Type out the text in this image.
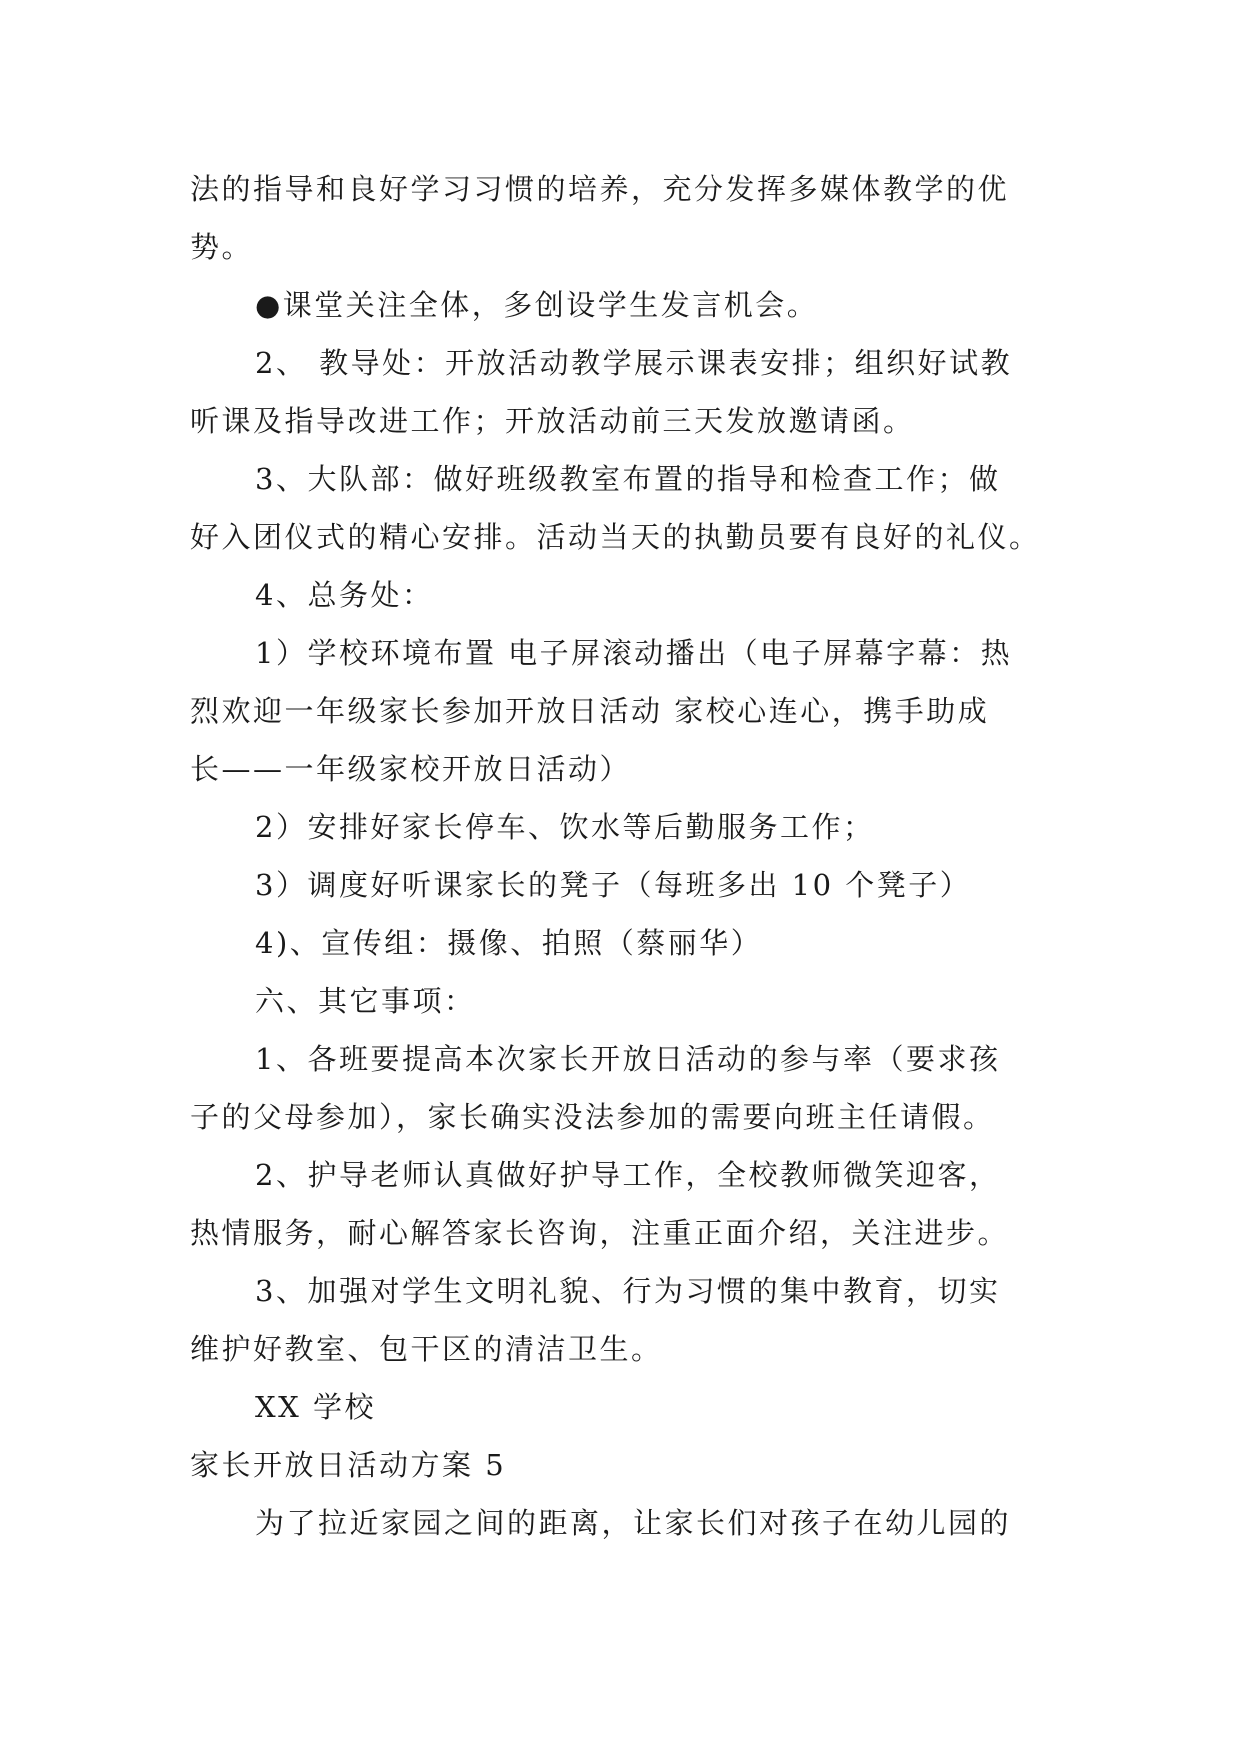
法的指导和良好学习习惯的培养，充分发挥多媒体教学的优
势。
●课堂关注全体，多创设学生发言机会。
2、 教导处：开放活动教学展示课表安排；组织好试教
听课及指导改进工作；开放活动前三天发放邀请函。
3、大队部：做好班级教室布置的指导和检查工作；做
好入团仪式的精心安排。活动当天的执勤员要有良好的礼仪。
4、总务处：
1）学校环境布置 电子屏滚动播出（电子屏幕字幕：热
烈欢迎一年级家长参加开放日活动 家校心连心，携手助成
长——一年级家校开放日活动）
2）安排好家长停车、饮水等后勤服务工作；
3）调度好听课家长的凳子（每班多出 10 个凳子）
4)、宣传组：摄像、拍照（蔡丽华）
六、其它事项：
1、各班要提高本次家长开放日活动的参与率（要求孩
子的父母参加），家长确实没法参加的需要向班主任请假。
2、护导老师认真做好护导工作，全校教师微笑迎客，
热情服务，耐心解答家长咨询，注重正面介绍，关注进步。
3、加强对学生文明礼貌、行为习惯的集中教育，切实
维护好教室、包干区的清洁卫生。
XX 学校
家长开放日活动方案 5
为了拉近家园之间的距离，让家长们对孩子在幼儿园的
